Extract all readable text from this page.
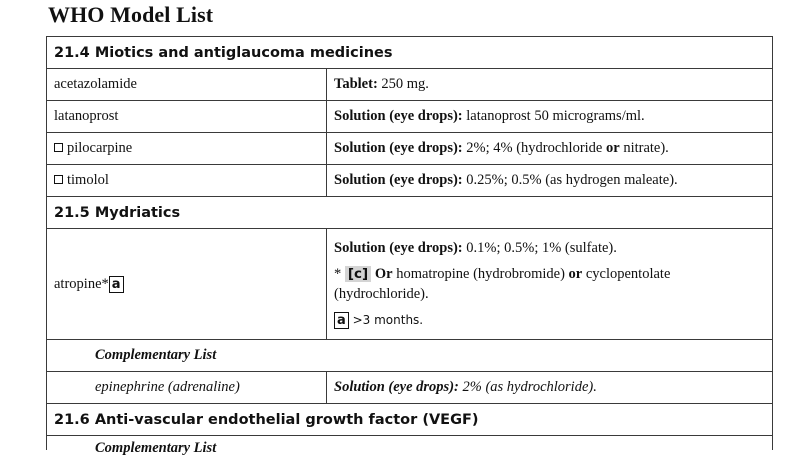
WHO Model List
21.4 Miotics and antiglaucoma medicines	
acetazolamide	Tablet: 250 mg.
latanoprost	Solution (eye drops): latanoprost 50 micrograms/ml.
pilocarpine	Solution (eye drops): 2%; 4% (hydrochloride or nitrate).
timolol	Solution (eye drops): 0.25%; 0.5% (as hydrogen maleate).
21.5 Mydriatics	
atropine* a	Solution (eye drops): 0.1%; 0.5%; 1% (sulfate).
* [c] Or homatropine (hydrobromide) or cyclopentolate (hydrochloride).
a >3 months.

Complementary List	
epinephrine (adrenaline)	Solution (eye drops): 2% (as hydrochloride).
21.6 Anti-vascular endothelial growth factor (VEGF)	

Complementary List	
